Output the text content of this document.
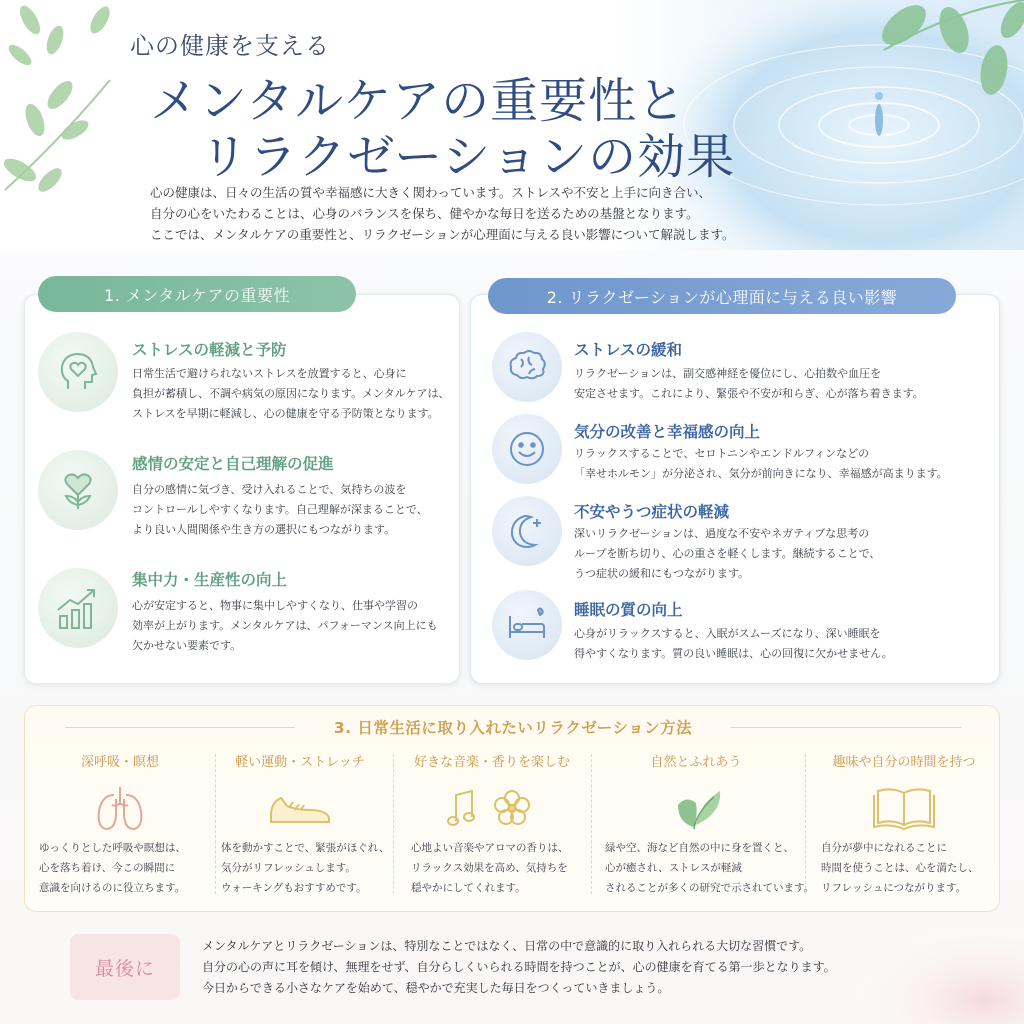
心の健康を支える
メンタルケアの重要性と
リラクゼーションの効果

心の健康は、日々の生活の質や幸福感に大きく関わっています。ストレスや不安と上手に向き合い、

自分の心をいたわることは、心身のバランスを保ち、健やかな毎日を送るための基盤となります。

ここでは、メンタルケアの重要性と、リラクゼーションが心理面に与える良い影響について解説します。

1. メンタルケアの重要性
ストレスの軽減と予防
日常生活で避けられないストレスを放置すると、心身に
負担が蓄積し、不調や病気の原因になります。メンタルケアは、
ストレスを早期に軽減し、心の健康を守る予防策となります。
感情の安定と自己理解の促進
自分の感情に気づき、受け入れることで、気持ちの波を
コントロールしやすくなります。自己理解が深まることで、
より良い人間関係や生き方の選択にもつながります。
集中力・生産性の向上
心が安定すると、物事に集中しやすくなり、仕事や学習の
効率が上がります。メンタルケアは、パフォーマンス向上にも
欠かせない要素です。
2. リラクゼーションが心理面に与える良い影響
ストレスの緩和
リラクゼーションは、副交感神経を優位にし、心拍数や血圧を
安定させます。これにより、緊張や不安が和らぎ、心が落ち着きます。
気分の改善と幸福感の向上
リラックスすることで、セロトニンやエンドルフィンなどの
「幸せホルモン」が分泌され、気分が前向きになり、幸福感が高まります。
不安やうつ症状の軽減
深いリラクゼーションは、過度な不安やネガティブな思考の
ループを断ち切り、心の重さを軽くします。継続することで、
うつ症状の緩和にもつながります。
睡眠の質の向上
心身がリラックスすると、入眠がスムーズになり、深い睡眠を
得やすくなります。質の良い睡眠は、心の回復に欠かせません。
3. 日常生活に取り入れたいリラクゼーション方法
深呼吸・瞑想
ゆっくりとした呼吸や瞑想は、
心を落ち着け、今この瞬間に
意識を向けるのに役立ちます。
軽い運動・ストレッチ
体を動かすことで、緊張がほぐれ、
気分がリフレッシュします。
ウォーキングもおすすめです。
好きな音楽・香りを楽しむ
心地よい音楽やアロマの香りは、
リラックス効果を高め、気持ちを
穏やかにしてくれます。
自然とふれあう
緑や空、海など自然の中に身を置くと、
心が癒され、ストレスが軽減
されることが多くの研究で示されています。
趣味や自分の時間を持つ
自分が夢中になれることに
時間を使うことは、心を満たし、
リフレッシュにつながります。
最後に

メンタルケアとリラクゼーションは、特別なことではなく、日常の中で意識的に取り入れられる大切な習慣です。

自分の心の声に耳を傾け、無理をせず、自分らしくいられる時間を持つことが、心の健康を育てる第一歩となります。

今日からできる小さなケアを始めて、穏やかで充実した毎日をつくっていきましょう。
